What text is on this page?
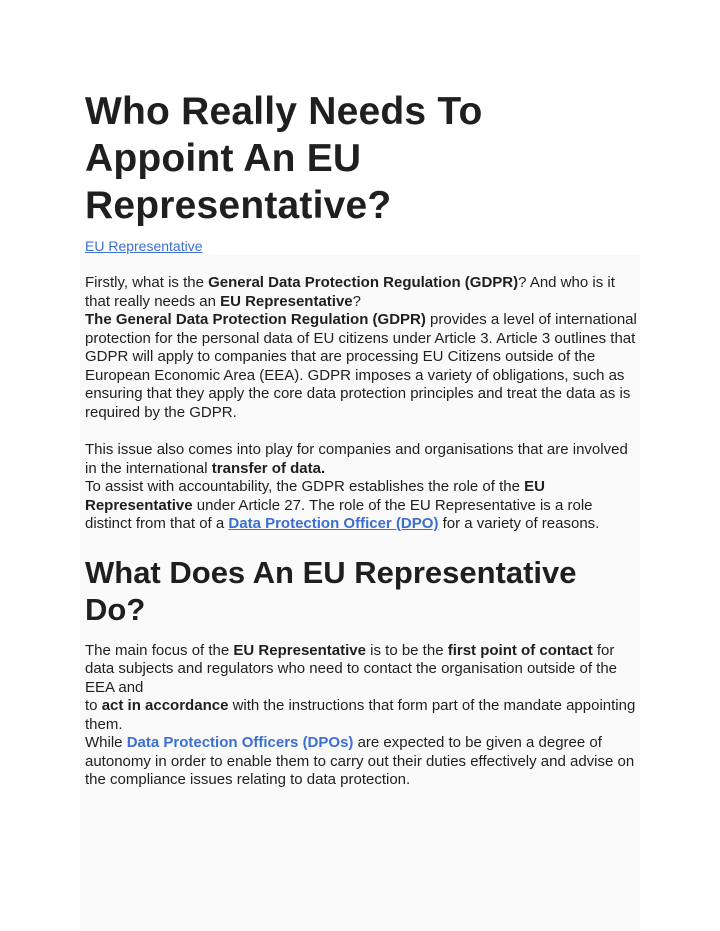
Who Really Needs To Appoint An EU Representative?
EU Representative

Firstly, what is the General Data Protection Regulation (GDPR)? And who is it that really needs an EU Representative?

The General Data Protection Regulation (GDPR) provides a level of international protection for the personal data of EU citizens under Article 3. Article 3 outlines that GDPR will apply to companies that are processing EU Citizens outside of the European Economic Area (EEA). GDPR imposes a variety of obligations, such as ensuring that they apply the core data protection principles and treat the data as is required by the GDPR.

This issue also comes into play for companies and organisations that are involved in the international transfer of data.

To assist with accountability, the GDPR establishes the role of the EU Representative under Article 27. The role of the EU Representative is a role distinct from that of a Data Protection Officer (DPO) for a variety of reasons.

What Does An EU Representative Do?

The main focus of the EU Representative is to be the first point of contact for data subjects and regulators who need to contact the organisation outside of the EEA and

to act in accordance with the instructions that form part of the mandate appointing them.

While Data Protection Officers (DPOs) are expected to be given a degree of autonomy in order to enable them to carry out their duties effectively and advise on the compliance issues relating to data protection.
